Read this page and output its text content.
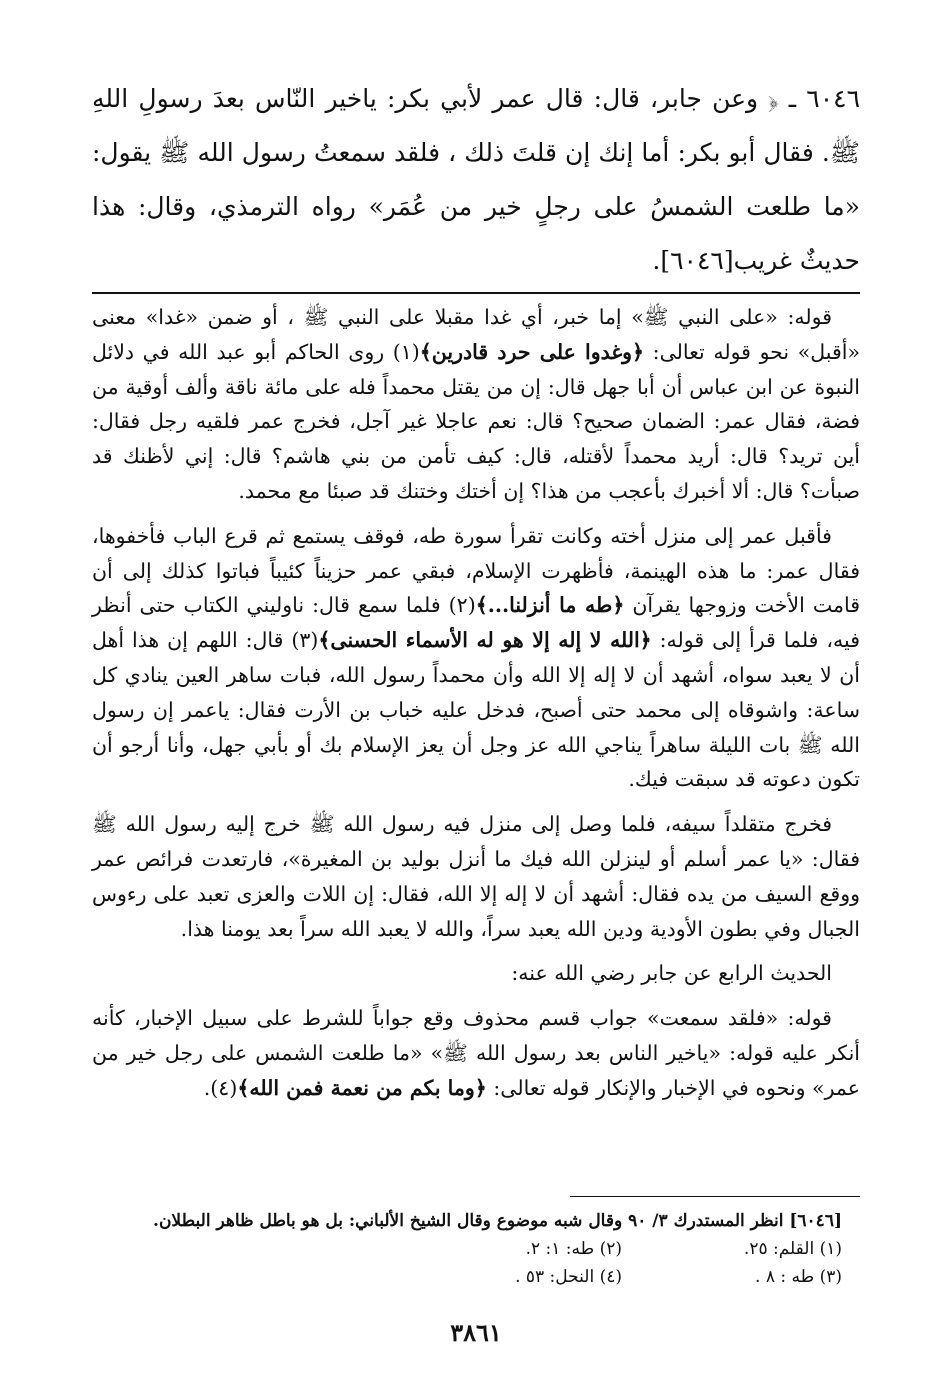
٦٠٤٦ ـ ﴿ وعن جابر، قال: قال عمر لأبي بكر: ياخير النّاس بعدَ رسولِ اللهِ ﷺ. فقال أبو بكر: أما إنك إن قلتَ ذلك ، فلقد سمعتُ رسول الله ﷺ يقول: «ما طلعت الشمسُ على رجلٍ خير من عُمَر» رواه الترمذي، وقال: هذا حديثٌ غريب[٦٠٤٦].

قوله: «على النبي ﷺ» إما خبر، أي غدا مقبلا على النبي ﷺ ، أو ضمن «غدا» معنى «أقبل» نحو قوله تعالى: ﴿وغدوا على حرد قادرين﴾(١) روى الحاكم أبو عبد الله في دلائل النبوة عن ابن عباس أن أبا جهل قال: إن من يقتل محمداً فله على مائة ناقة وألف أوقية من فضة، فقال عمر: الضمان صحيح؟ قال: نعم عاجلا غير آجل، فخرج عمر فلقيه رجل فقال: أين تريد؟ قال: أريد محمداً لأقتله، قال: كيف تأمن من بني هاشم؟ قال: إني لأظنك قد صبأت؟ قال: ألا أخبرك بأعجب من هذا؟ إن أختك وختنك قد صبئا مع محمد.

فأقبل عمر إلى منزل أخته وكانت تقرأ سورة طه، فوقف يستمع ثم قرع الباب فأخفوها، فقال عمر: ما هذه الهينمة، فأظهرت الإسلام، فبقي عمر حزيناً كئيباً فباتوا كذلك إلى أن قامت الأخت وزوجها يقرآن ﴿طه ما أنزلنا...﴾(٢) فلما سمع قال: ناوليني الكتاب حتى أنظر فيه، فلما قرأ إلى قوله: ﴿الله لا إله إلا هو له الأسماء الحسنى﴾(٣) قال: اللهم إن هذا أهل أن لا يعبد سواه، أشهد أن لا إله إلا الله وأن محمداً رسول الله، فبات ساهر العين ينادي كل ساعة: واشوقاه إلى محمد حتى أصبح، فدخل عليه خباب بن الأرت فقال: ياعمر إن رسول الله ﷺ بات الليلة ساهراً يناجي الله عز وجل أن يعز الإسلام بك أو بأبي جهل، وأنا أرجو أن تكون دعوته قد سبقت فيك.

فخرج متقلداً سيفه، فلما وصل إلى منزل فيه رسول الله ﷺ خرج إليه رسول الله ﷺ فقال: «يا عمر أسلم أو لينزلن الله فيك ما أنزل بوليد بن المغيرة»، فارتعدت فرائص عمر ووقع السيف من يده فقال: أشهد أن لا إله إلا الله، فقال: إن اللات والعزى تعبد على رءوس الجبال وفي بطون الأودية ودين الله يعبد سراً، والله لا يعبد الله سراً بعد يومنا هذا.

الحديث الرابع عن جابر رضي الله عنه:

قوله: «فلقد سمعت» جواب قسم محذوف وقع جواباً للشرط على سبيل الإخبار، كأنه أنكر عليه قوله: «ياخير الناس بعد رسول الله ﷺ» «ما طلعت الشمس على رجل خير من عمر» ونحوه في الإخبار والإنكار قوله تعالى: ﴿وما بكم من نعمة فمن الله﴾(٤).

[٦٠٤٦] انظر المستدرك ٣/ ٩٠ وقال شبه موضوع وقال الشيخ الألباني: بل هو باطل ظاهر البطلان.
(١) القلم: ٢٥.
(٢) طه: ١: ٢.
(٣) طه : ٨ .
(٤) النحل: ٥٣ .
٣٨٦١
